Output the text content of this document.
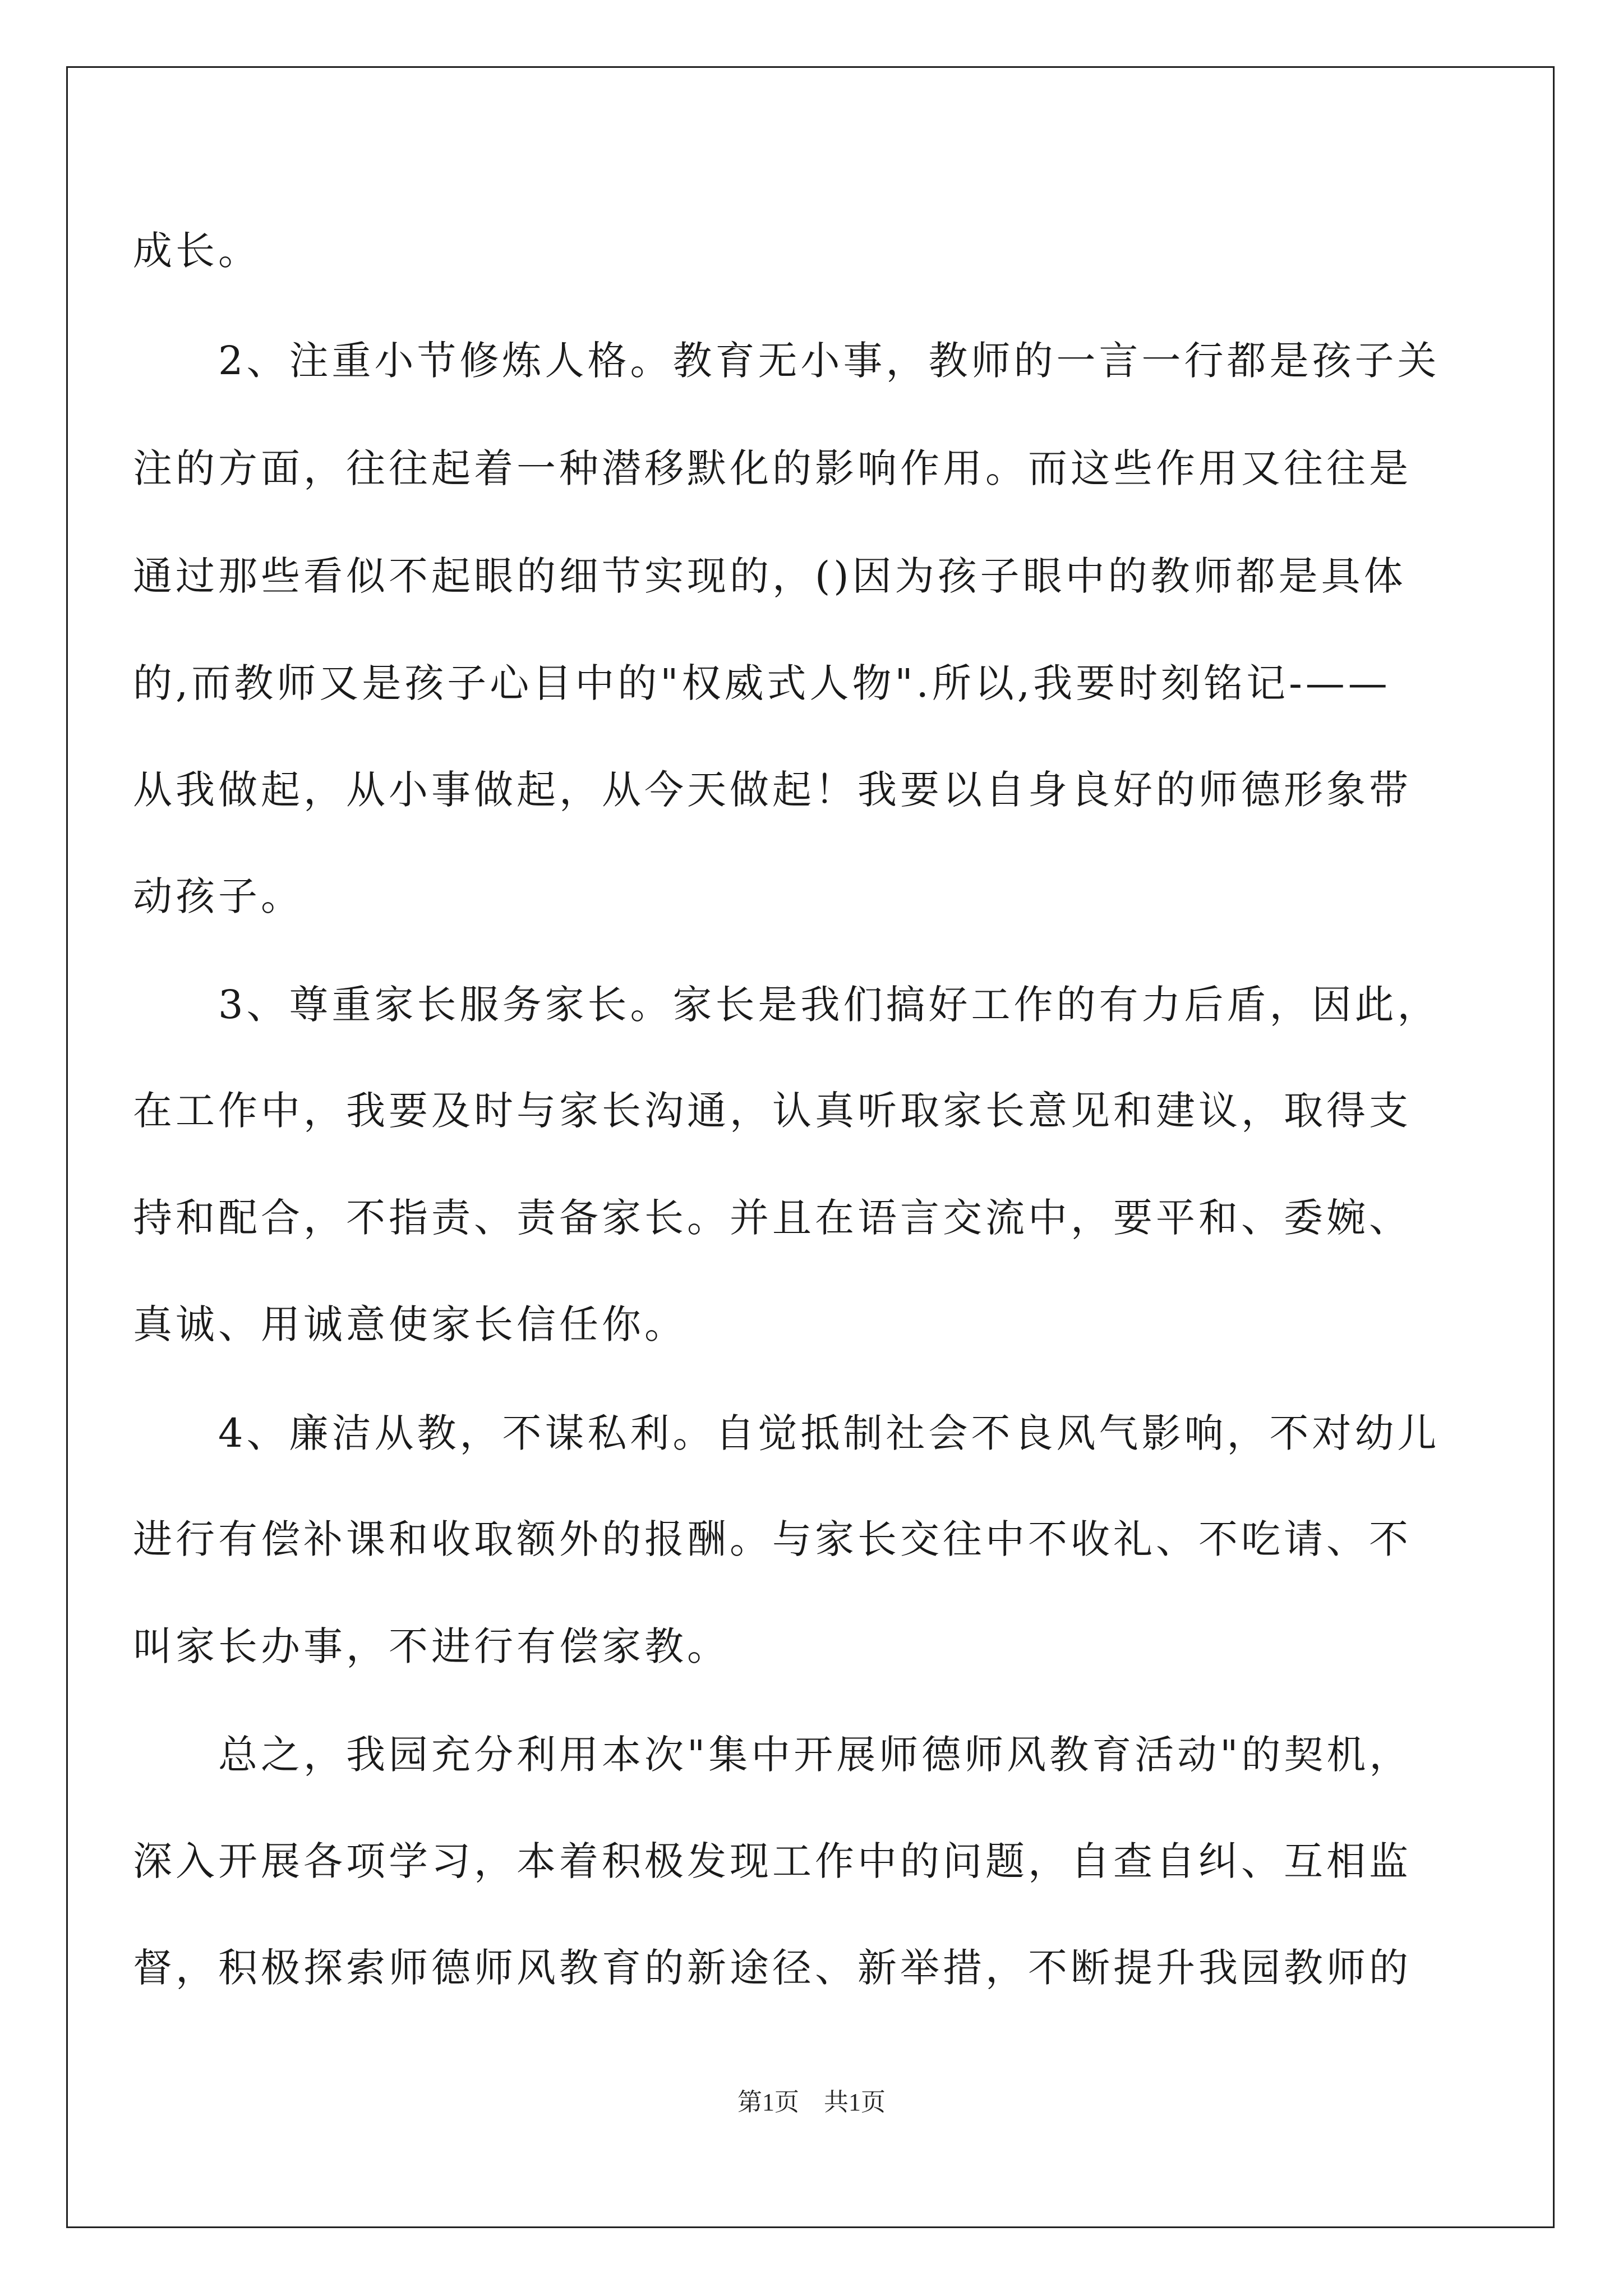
成长。
　　2、注重小节修炼人格。教育无小事，教师的一言一行都是孩子关
注的方面，往往起着一种潜移默化的影响作用。而这些作用又往往是
通过那些看似不起眼的细节实现的，()因为孩子眼中的教师都是具体
的,而教师又是孩子心目中的"权威式人物".所以,我要时刻铭记-——
从我做起，从小事做起，从今天做起！我要以自身良好的师德形象带
动孩子。
　　3、尊重家长服务家长。家长是我们搞好工作的有力后盾，因此，
在工作中，我要及时与家长沟通，认真听取家长意见和建议，取得支
持和配合，不指责、责备家长。并且在语言交流中，要平和、委婉、
真诚、用诚意使家长信任你。
　　4、廉洁从教，不谋私利。自觉抵制社会不良风气影响，不对幼儿
进行有偿补课和收取额外的报酬。与家长交往中不收礼、不吃请、不
叫家长办事，不进行有偿家教。
　　总之，我园充分利用本次"集中开展师德师风教育活动"的契机，
深入开展各项学习，本着积极发现工作中的问题，自查自纠、互相监
督，积极探索师德师风教育的新途径、新举措，不断提升我园教师的
第1页　共1页
